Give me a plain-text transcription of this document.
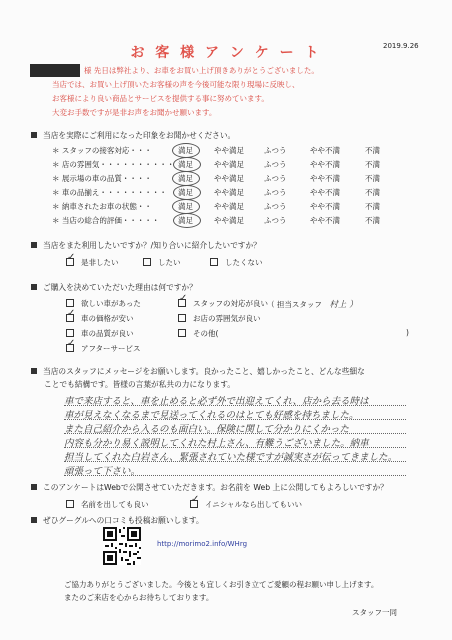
お 客 様 ア ン ケ ー ト	2019.9.26
様 先日は弊社より、お車をお買い上げ頂きありがとうございました。
当店では、お買い上げ頂いたお客様の声を今後可能な限り現場に反映し、
お客様により良い商品とサービスを提供する事に努めています。
大変お手数ですが是非お声をお聞かせ願います。
当店を実際にご利用になった印象をお聞かせください。
＊ スタッフの接客対応・・・	満足	やや満足	ふつう	やや不満	不満
＊ 店の雰囲気・・・・・・・・・・ 満足	やや満足	ふつう	やや不満	不満
＊ 展示場の車の品質・・・・	満足	やや満足	ふつう	やや不満	不満
＊ 車の品揃え・・・・・・・・・	満足	やや満足	ふつう	やや不満	不満
＊ 納車されたお車の状態・・	満足	やや満足	ふつう	やや不満	不満
＊ 当店の総合的評価・・・・・	満足	やや満足	ふつう	やや不満	不満
当店をまた利用したいですか？/知り合いに紹介したいですか？
✓是非したい	したい	したくない
ご購入を決めていただいた理由は何ですか？
欲しい車があった
✓車の価格が安い
車の品質が良い
✓アフターサービス
✓スタッフの対応が良い （ 担当スタッフ　 村上 ）
お店の雰囲気が良い
その他(	)
当店のスタッフにメッセージをお願いします。良かったこと、嬉しかったこと、どんな些細な
ことでも結構です。皆様の言葉が私共の力になります。
車で来店すると、車を止めると必ず外で出迎えてくれ、店から去る時は
車が見えなくなるまで見送ってくれるのはとても好感を持ちました。
また自己紹介から入るのも面白い。保険に関して分かりにくかった
内容も分かり易く説明してくれた村上さん、有難うございました。納車
担当してくれた白岩さん、緊張されていた様ですが誠実さが伝ってきました。
頑張って下さい。
このアンケートはWebで公開させていただきます。お名前を Web 上に公開してもよろしいですか？
名前を出しても良い
✓	イニシャルなら出してもいい
ぜひグーグルへの口コミも投稿お願いします。
http://morimo2.info/WHrg
ご協力ありがとうございました。今後とも宜しくお引き立てご愛顧の程お願い申し上げます。
またのご来店を心からお待ちしております。
スタッフ一同
